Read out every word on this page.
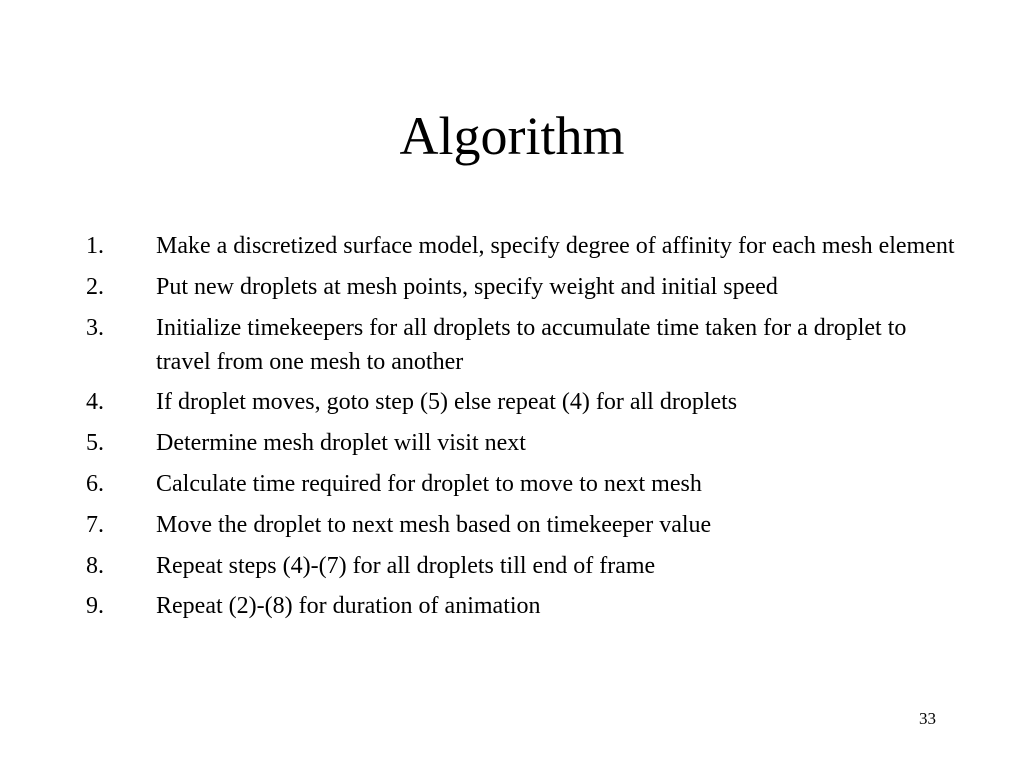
Algorithm
1.	Make a discretized surface model, specify degree of affinity for each mesh element
2.	Put new droplets at mesh points, specify weight and initial speed
3.	Initialize timekeepers for all droplets to accumulate time taken for a droplet to travel from one mesh to another
4.	If droplet moves, goto step (5) else repeat (4) for all droplets
5.	Determine mesh droplet will visit next
6.	Calculate time required for droplet to move to next mesh
7.	Move the droplet to next mesh based on timekeeper value
8.	Repeat steps (4)-(7) for all droplets till end of frame
9.	Repeat (2)-(8) for duration of animation
33
